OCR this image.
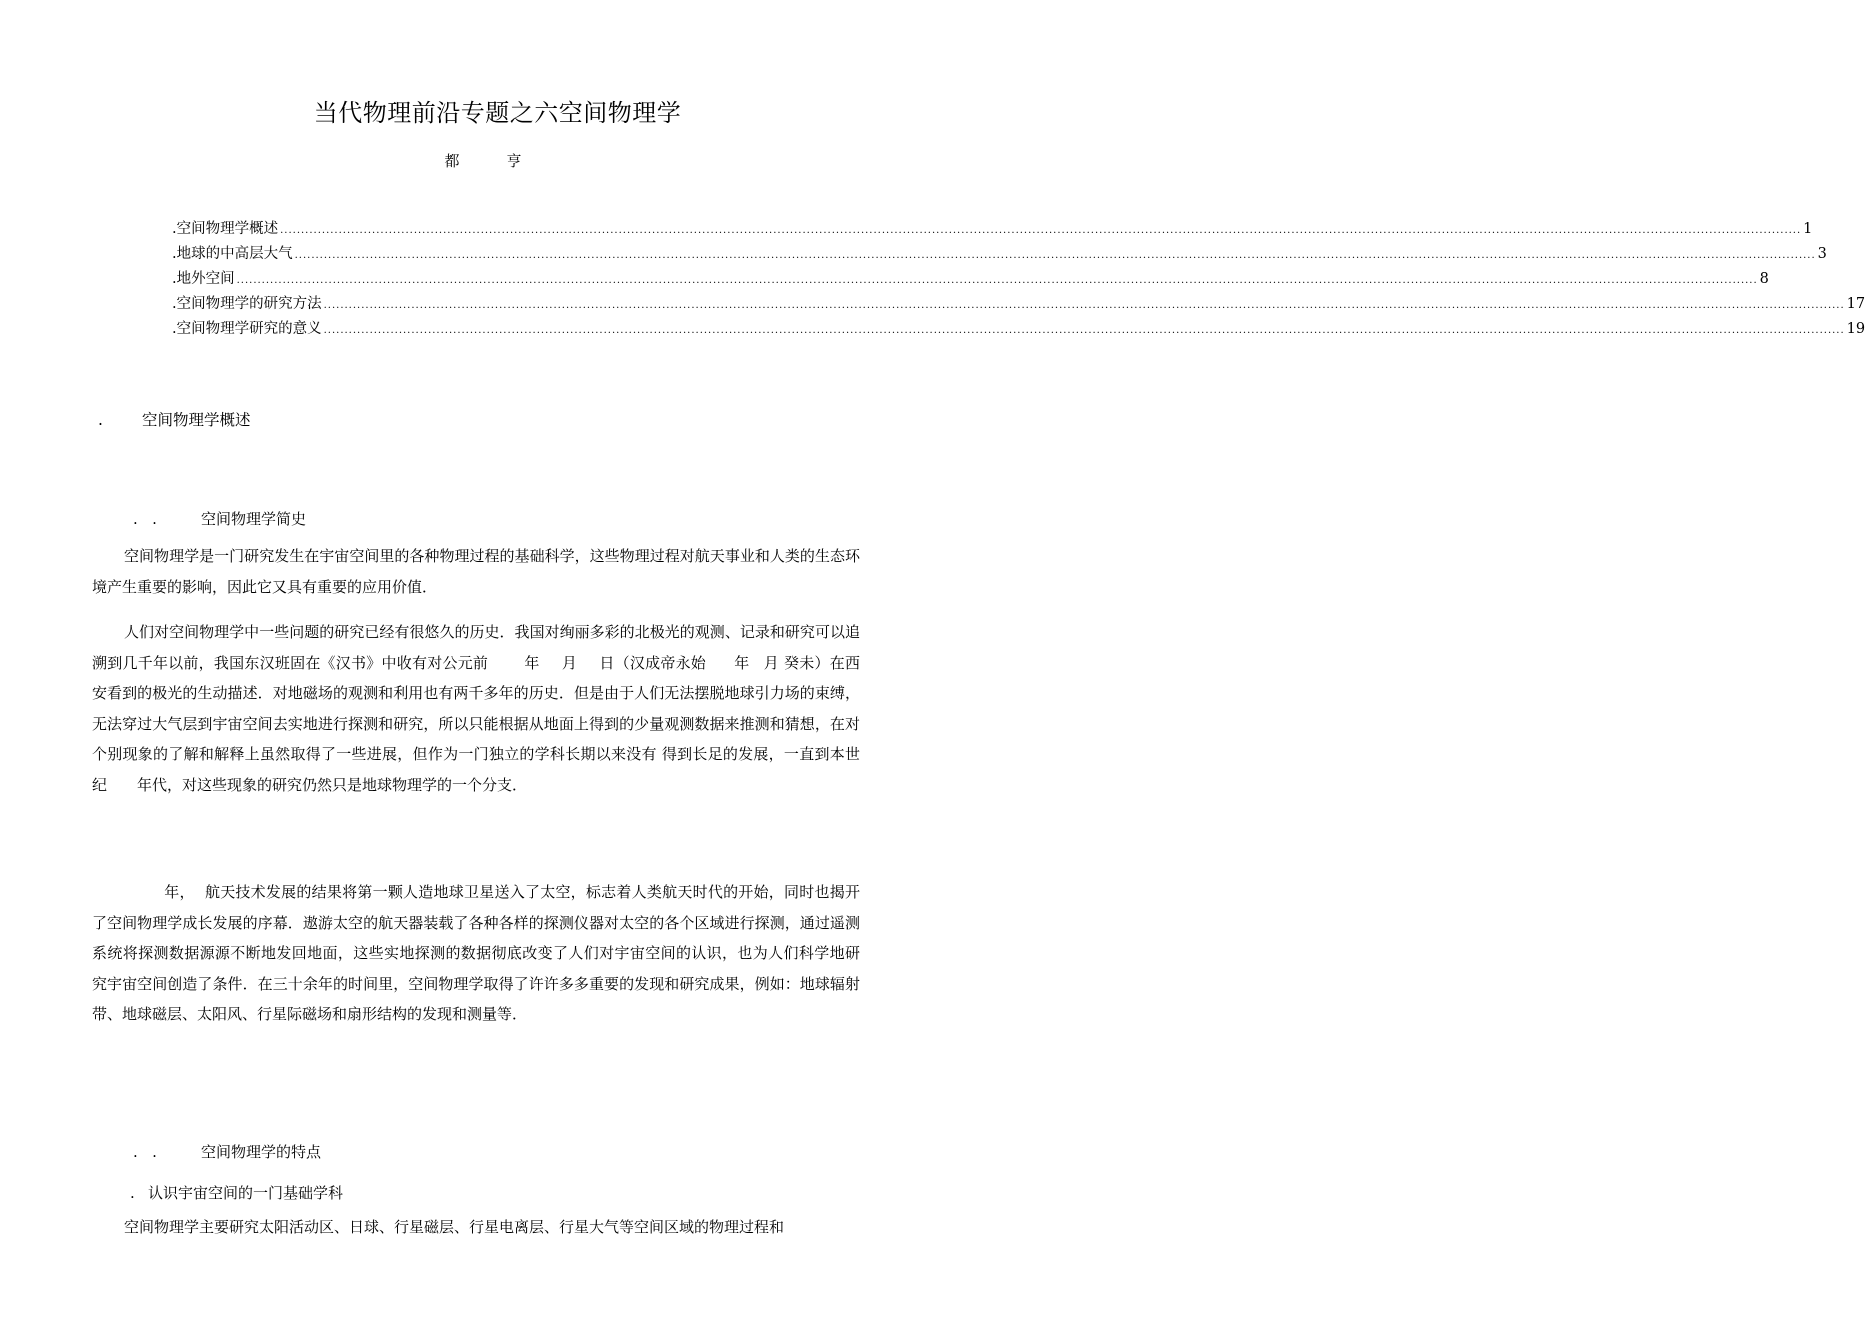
当代物理前沿专题之六空间物理学
都　亨
. 空间物理学概述 ............................................................................................................................................................................................................................................................................................................................................................................ 1
. 地球的中高层大气 ............................................................................................................................................................................................................................................................................................................................................................................ 3
. 地外空间 ............................................................................................................................................................................................................................................................................................................................................................................ 8
. 空间物理学的研究方法 ............................................................................................................................................................................................................................................................................................................................................................................ 17
. 空间物理学研究的意义 ............................................................................................................................................................................................................................................................................................................................................................................ 19
.	空间物理学概述
.   .	空间物理学简史

空间物理学是一门研究发生在宇宙空间里的各种物理过程的基础科学，这些物理过程对航天事业和人类的生态环境产生重要的影响，因此它又具有重要的应用价值．

人们对空间物理学中一些问题的研究已经有很悠久的历史．我国对绚丽多彩的北极光的观测、记录和研究可以追溯到几千年以前，我国东汉班固在《汉书》中收有对公元前 年 月 日（汉成帝永始 年 月 癸未）在西安看到的极光的生动描述．对地磁场的观测和利用也有两千多年的历史．但是由于人们无法摆脱地球引力场的束缚，无法穿过大气层到宇宙空间去实地进行探测和研究，所以只能根据从地面上得到的少量观测数据来推测和猜想，在对个别现象的了解和解释上虽然取得了一些进展，但作为一门独立的学科长期以来没有 得到长足的发展，一直到本世纪 年代，对这些现象的研究仍然只是地球物理学的一个分支．

年， 航天技术发展的结果将第一颗人造地球卫星送入了太空，标志着人类航天时代的开始，同时也揭开了空间物理学成长发展的序幕．遨游太空的航天器装载了各种各样的探测仪器对太空的各个区域进行探测，通过遥测系统将探测数据源源不断地发回地面，这些实地探测的数据彻底改变了人们对宇宙空间的认识，也为人们科学地研 究宇宙空间创造了条件．在三十余年的时间里，空间物理学取得了许许多多重要的发现和研究成果，例如：地球辐射带、地球磁层、太阳风、行星际磁场和扇形结构的发现和测量等．

.   .	空间物理学的特点
. 认识宇宙空间的一门基础学科

空间物理学主要研究太阳活动区、日球、行星磁层、行星电离层、行星大气等空间区域的物理过程和
